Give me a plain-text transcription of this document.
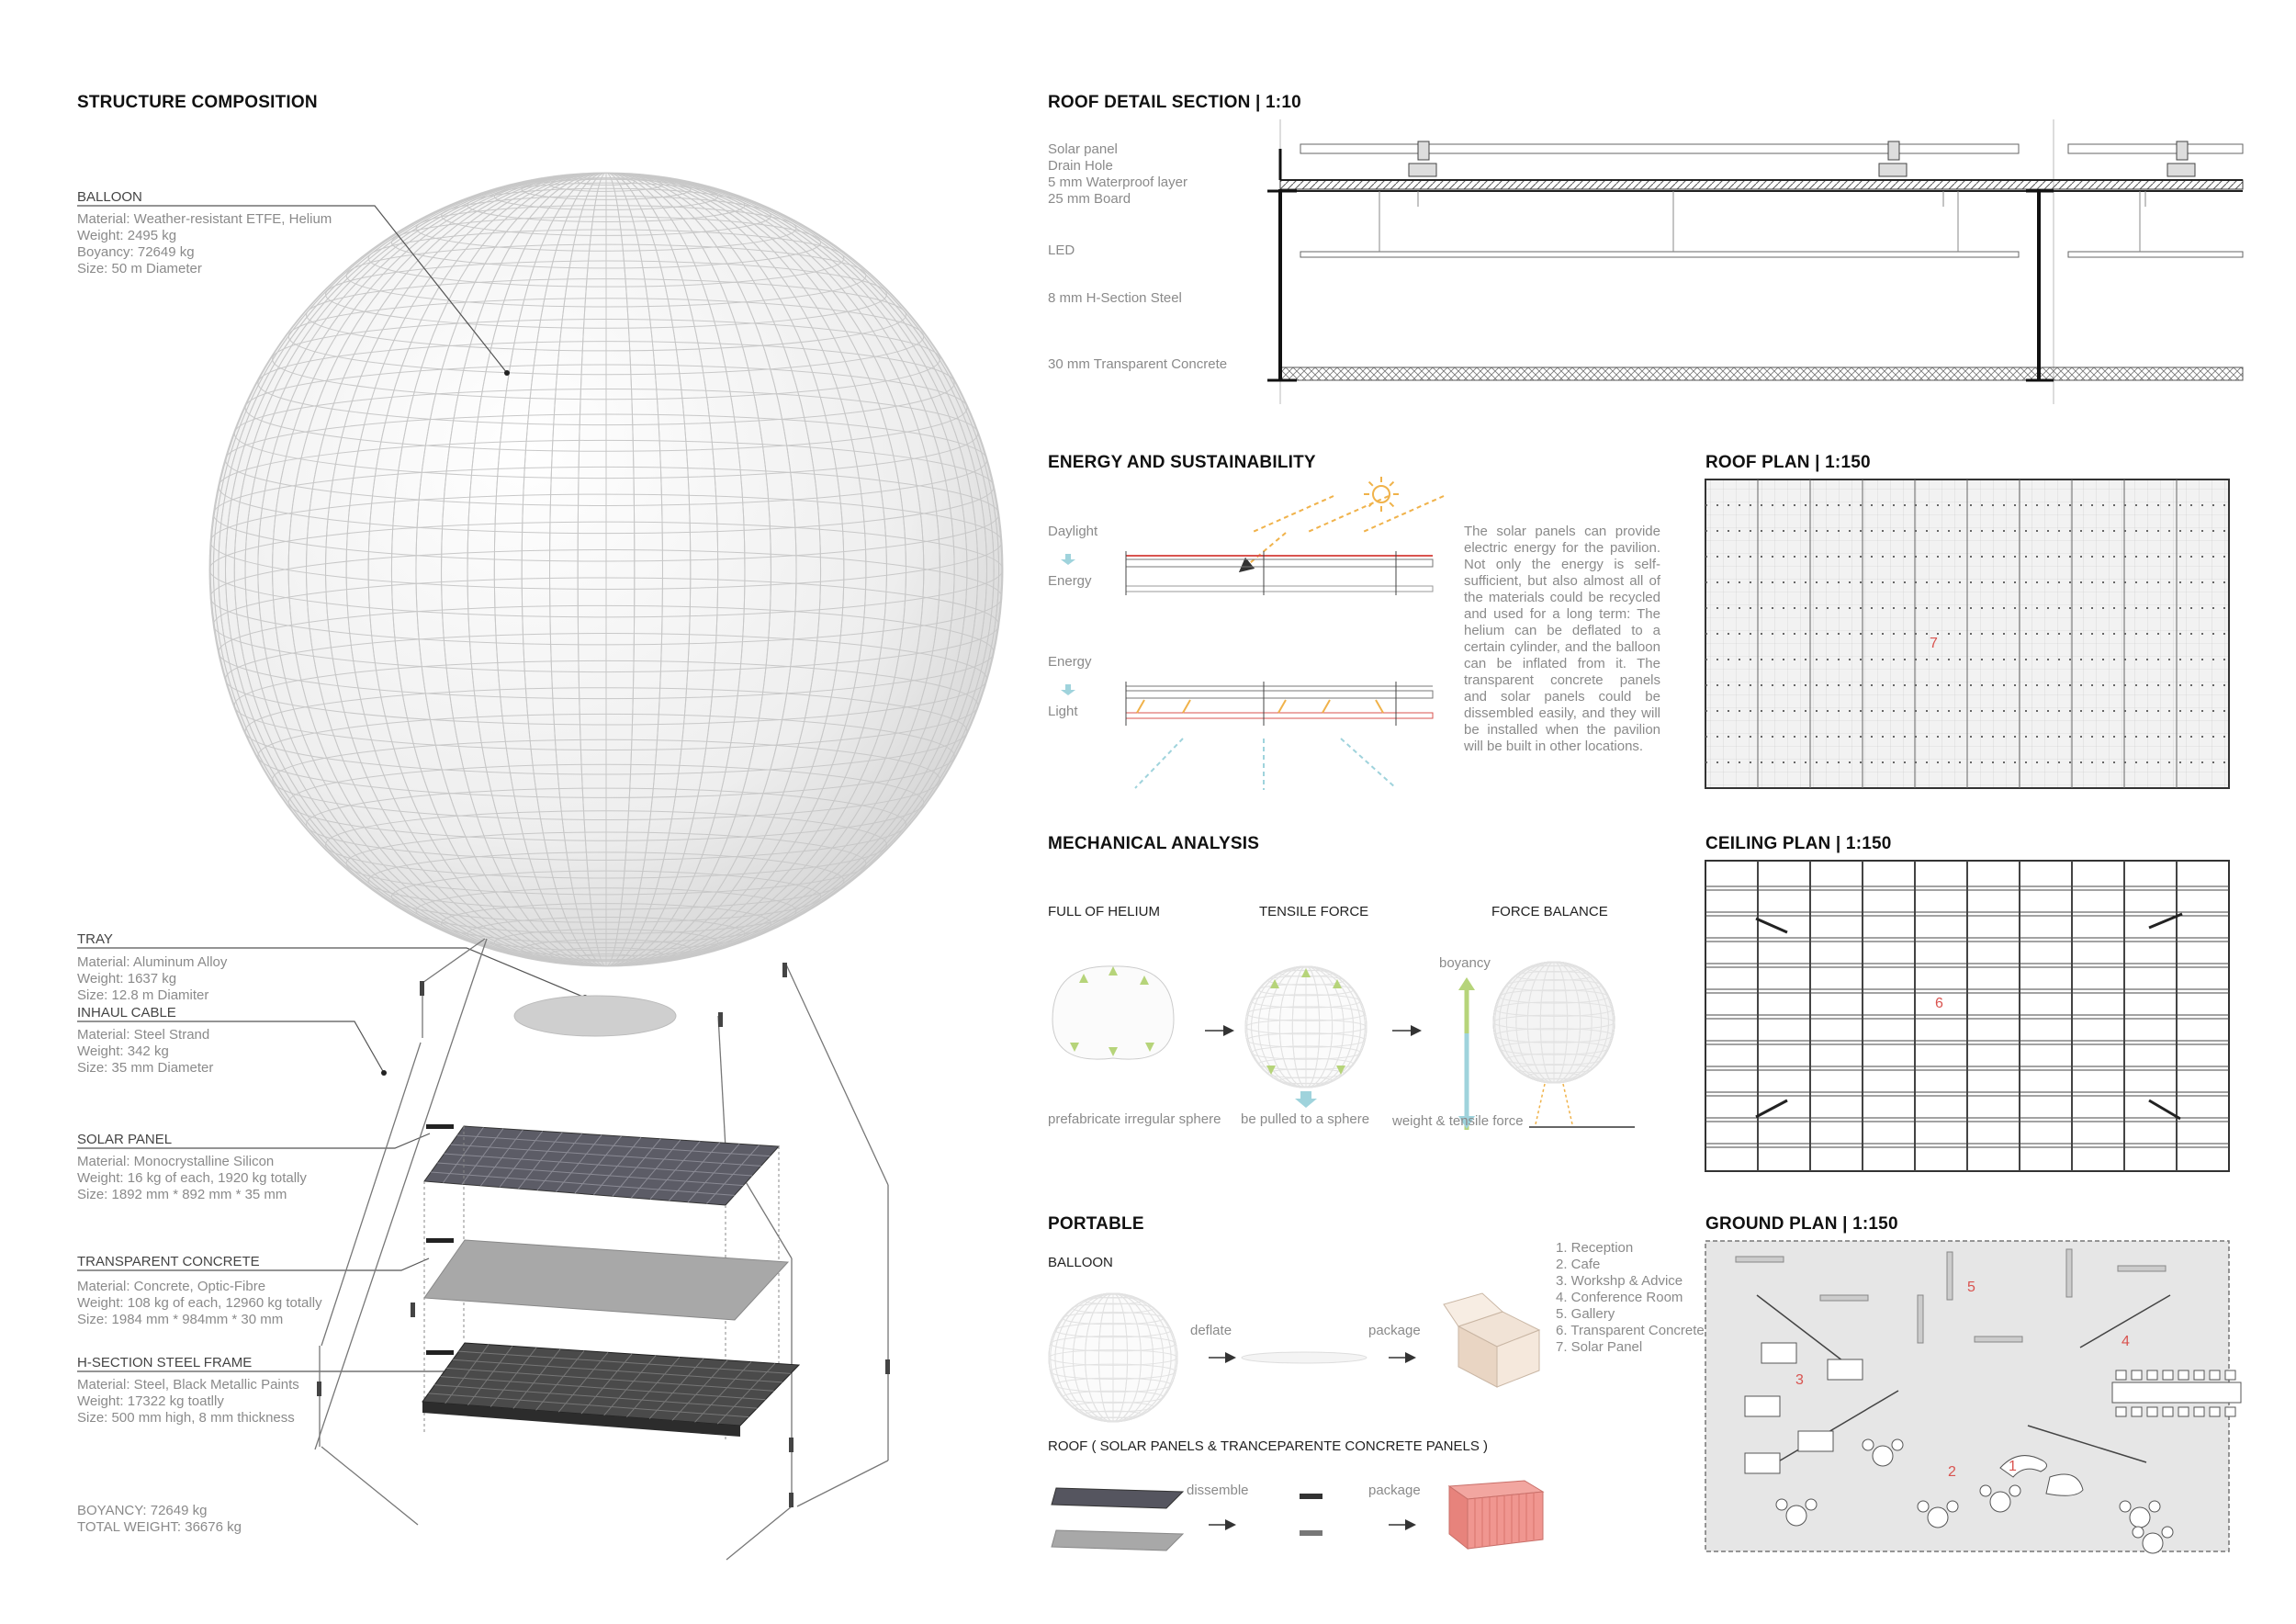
STRUCTURE COMPOSITION	ROOF DETAIL SECTION | 1:10
ENERGY AND SUSTAINABILITY	ROOF PLAN | 1:150
MECHANICAL ANALYSIS	CEILING PLAN | 1:150
PORTABLE	GROUND PLAN | 1:150
BALLOON
Material: Weather-resistant ETFE, Helium
Weight: 2495 kg
Boyancy: 72649 kg
Size: 50 m Diameter
TRAY
Material: Aluminum Alloy
Weight: 1637 kg
Size: 12.8 m Diamiter
INHAUL CABLE
Material: Steel Strand
Weight: 342 kg
Size: 35 mm Diameter
SOLAR PANEL
Material: Monocrystalline Silicon
Weight: 16 kg of each, 1920 kg totally
Size: 1892 mm * 892 mm * 35 mm
TRANSPARENT CONCRETE
Material: Concrete, Optic-Fibre
Weight: 108 kg of each, 12960 kg totally
Size: 1984 mm * 984mm * 30 mm
H-SECTION STEEL FRAME
Material: Steel, Black Metallic Paints
Weight: 17322 kg toatlly
Size: 500 mm high, 8 mm thickness
BOYANCY: 72649 kg
TOTAL WEIGHT: 36676 kg
Solar panel
Drain Hole
5 mm Waterproof layer
25 mm Board
LED
8 mm H-Section Steel
30 mm Transparent Concrete
Daylight
Energy
Energy
Light
The solar panels can provide electric energy for the pavilion. Not only the energy is self-sufficient, but also almost all of the materials could be recycled and used for a long term: The helium can be deflated to a certain cylinder, and the balloon can be inflated from it. The transparent concrete panels and solar panels could be dissembled easily, and they will be installed when the pavilion will be built in other locations.
FULL OF HELIUM	TENSILE FORCE	FORCE BALANCE
boyancy
prefabricate irregular sphere be pulled to a sphere weight & tensile force
BALLOON
deflate	package
ROOF ( SOLAR PANELS & TRANCEPARENTE CONCRETE PANELS )
dissemble	package
1. Reception
2. Cafe
3. Workshp & Advice
4. Conference Room
5. Gallery
6. Transparent Concrete
7. Solar Panel
7
6
1
2
3
4
5
